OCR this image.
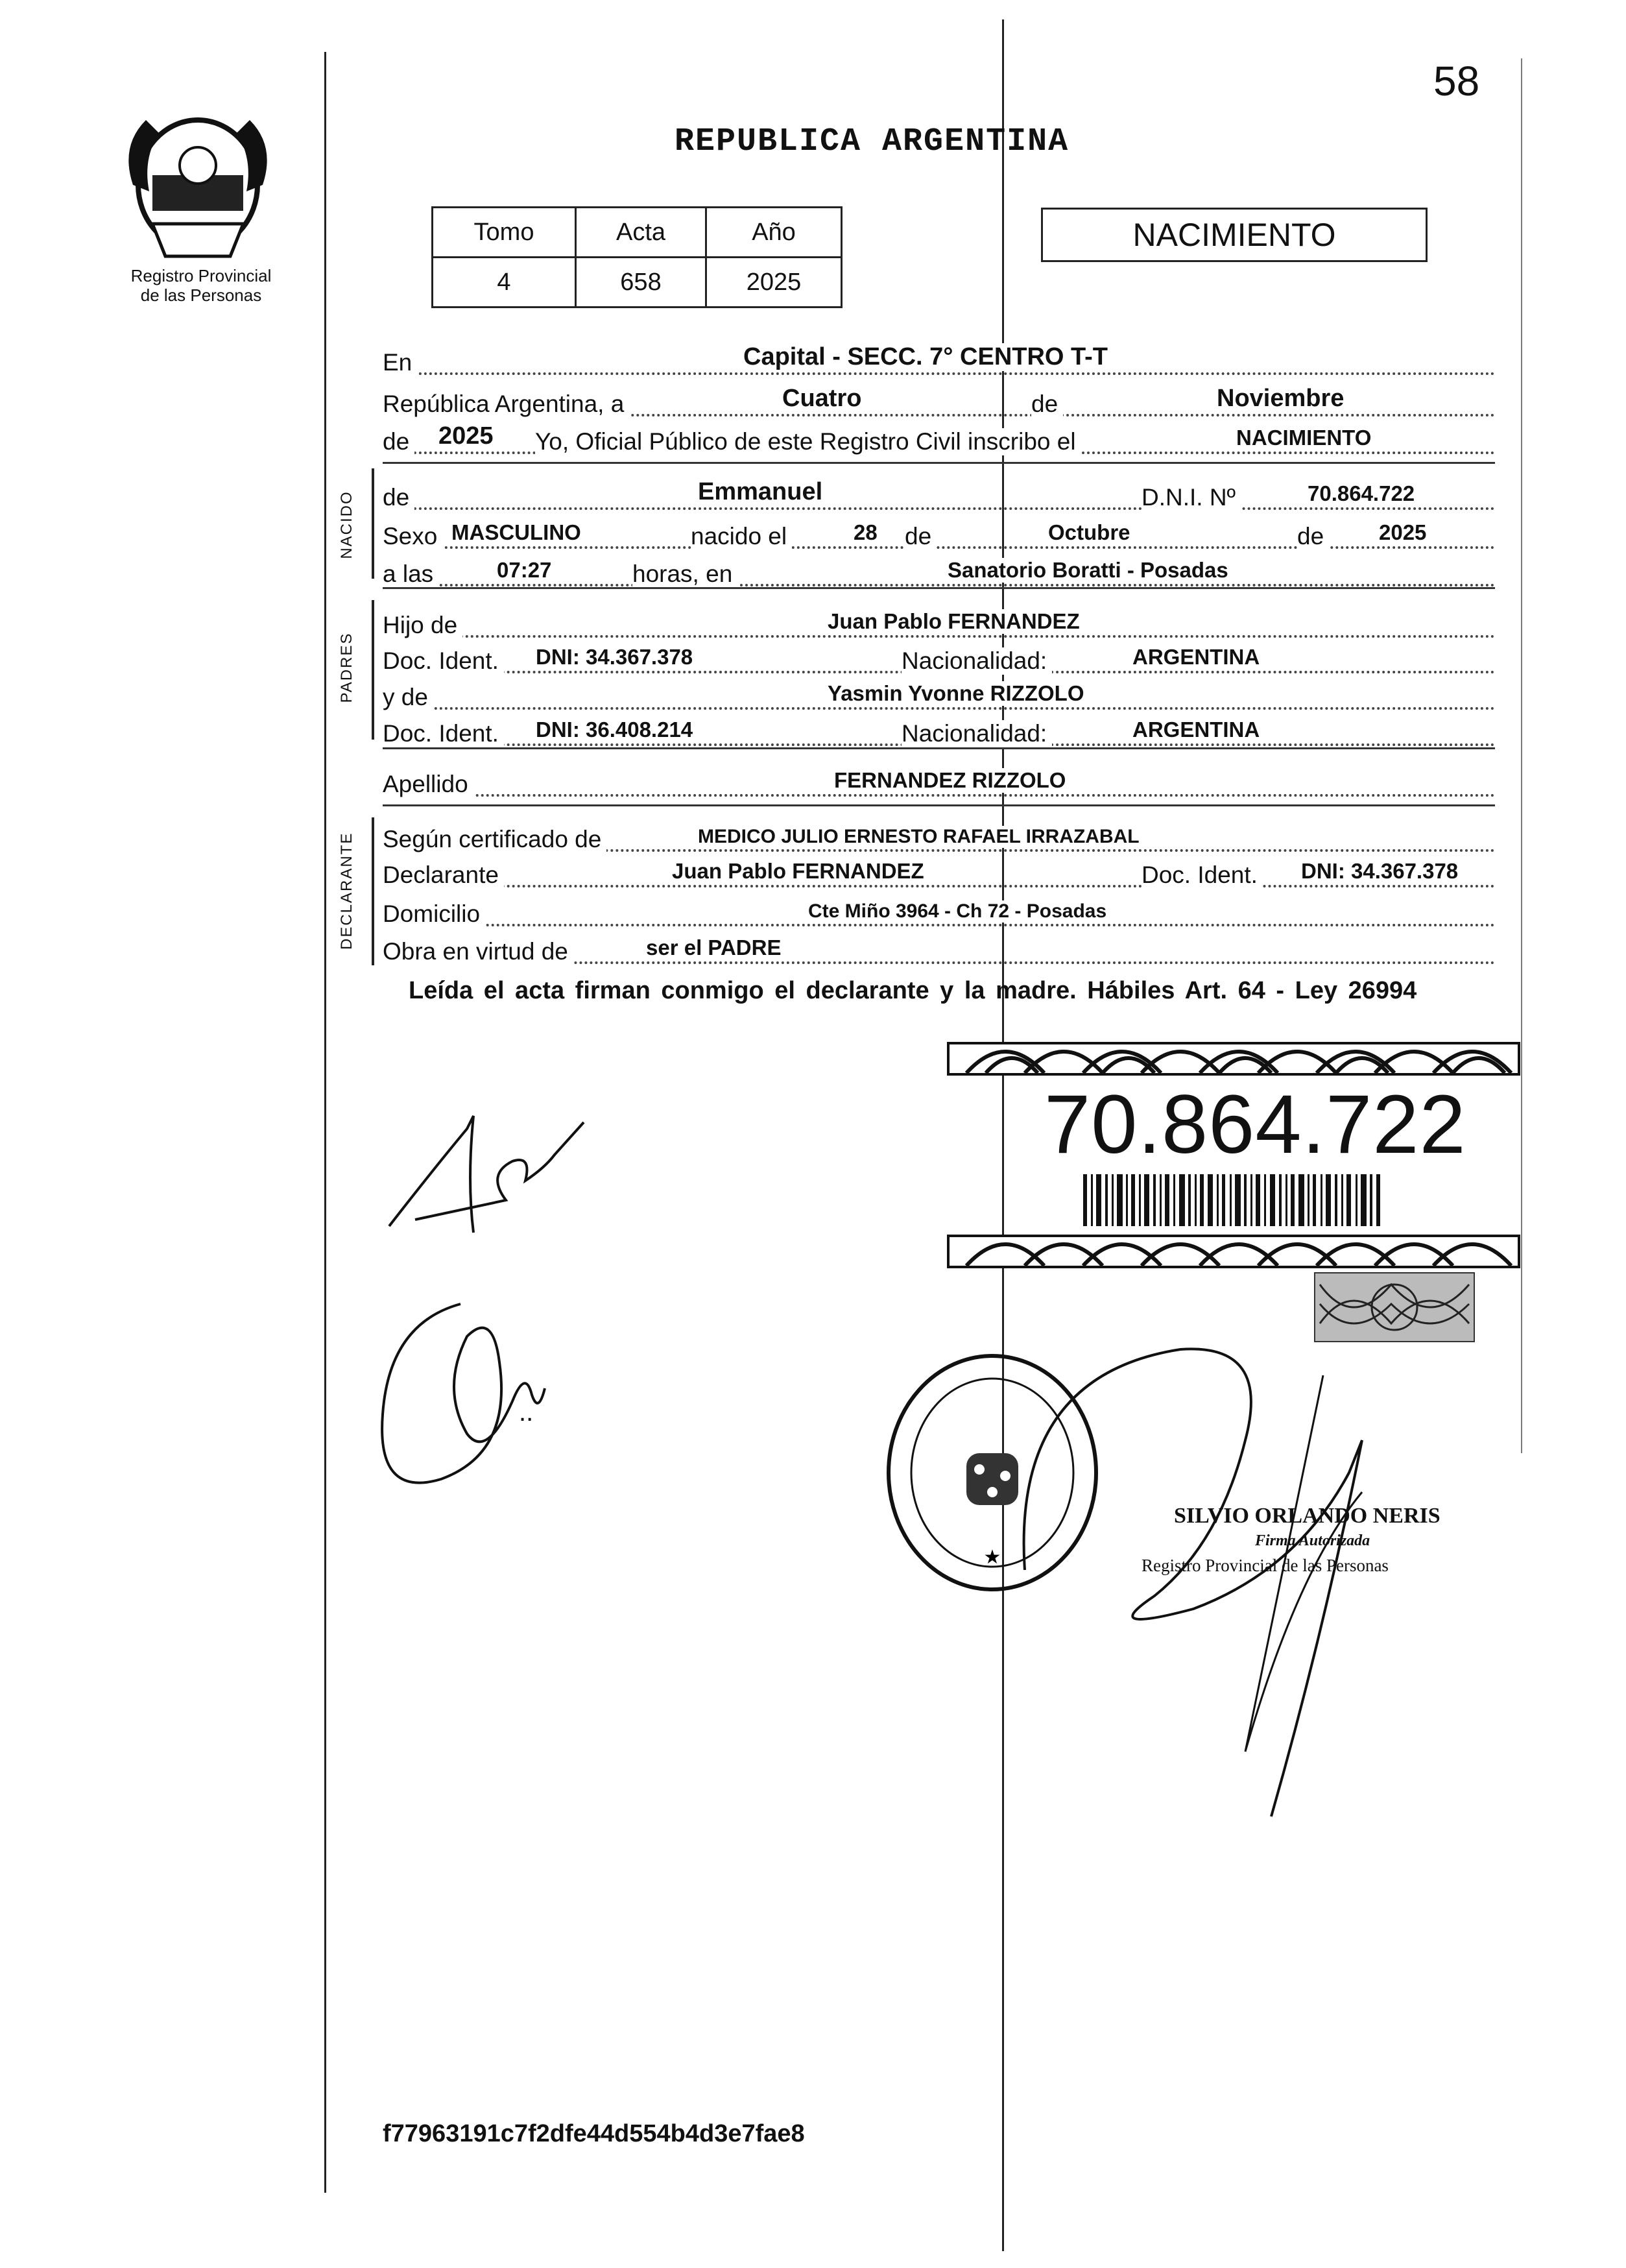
58
Registro Provincial
de las Personas
REPUBLICA ARGENTINA
Tomo	Acta	Año
4	658	2025
NACIMIENTO
En	Capital - SECC. 7° CENTRO T-T
República Argentina, a	Cuatro	de	Noviembre
de 2025 Yo, Oficial Público de este Registro Civil inscribo el	NACIMIENTO
NACIDO de	Emmanuel	D.N.I. Nº	70.864.722
Sexo MASCULINO	nacido el	28 de	Octubre	de	2025
a las	07:27	horas, en	Sanatorio Boratti - Posadas
PADRES
Hijo de	Juan Pablo FERNANDEZ
Doc. Ident. DNI: 34.367.378	Nacionalidad:	ARGENTINA
y de	Yasmin Yvonne RIZZOLO
Doc. Ident. DNI: 36.408.214	Nacionalidad:	ARGENTINA
Apellido	FERNANDEZ RIZZOLO
DECLARANTE Según certificado de	MEDICO JULIO ERNESTO RAFAEL IRRAZABAL
Declarante	Juan Pablo FERNANDEZ	Doc. Ident. DNI: 34.367.378
Domicilio	Cte Miño 3964 - Ch 72 - Posadas
Obra en virtud de	ser el PADRE
Leída el acta firman conmigo el declarante y la madre. Hábiles Art. 64 - Ley 26994
70.864.722
..
★
SILVIO ORLANDO NERIS
Firma Autorizada
Registro Provincial de las Personas
f77963191c7f2dfe44d554b4d3e7fae8
